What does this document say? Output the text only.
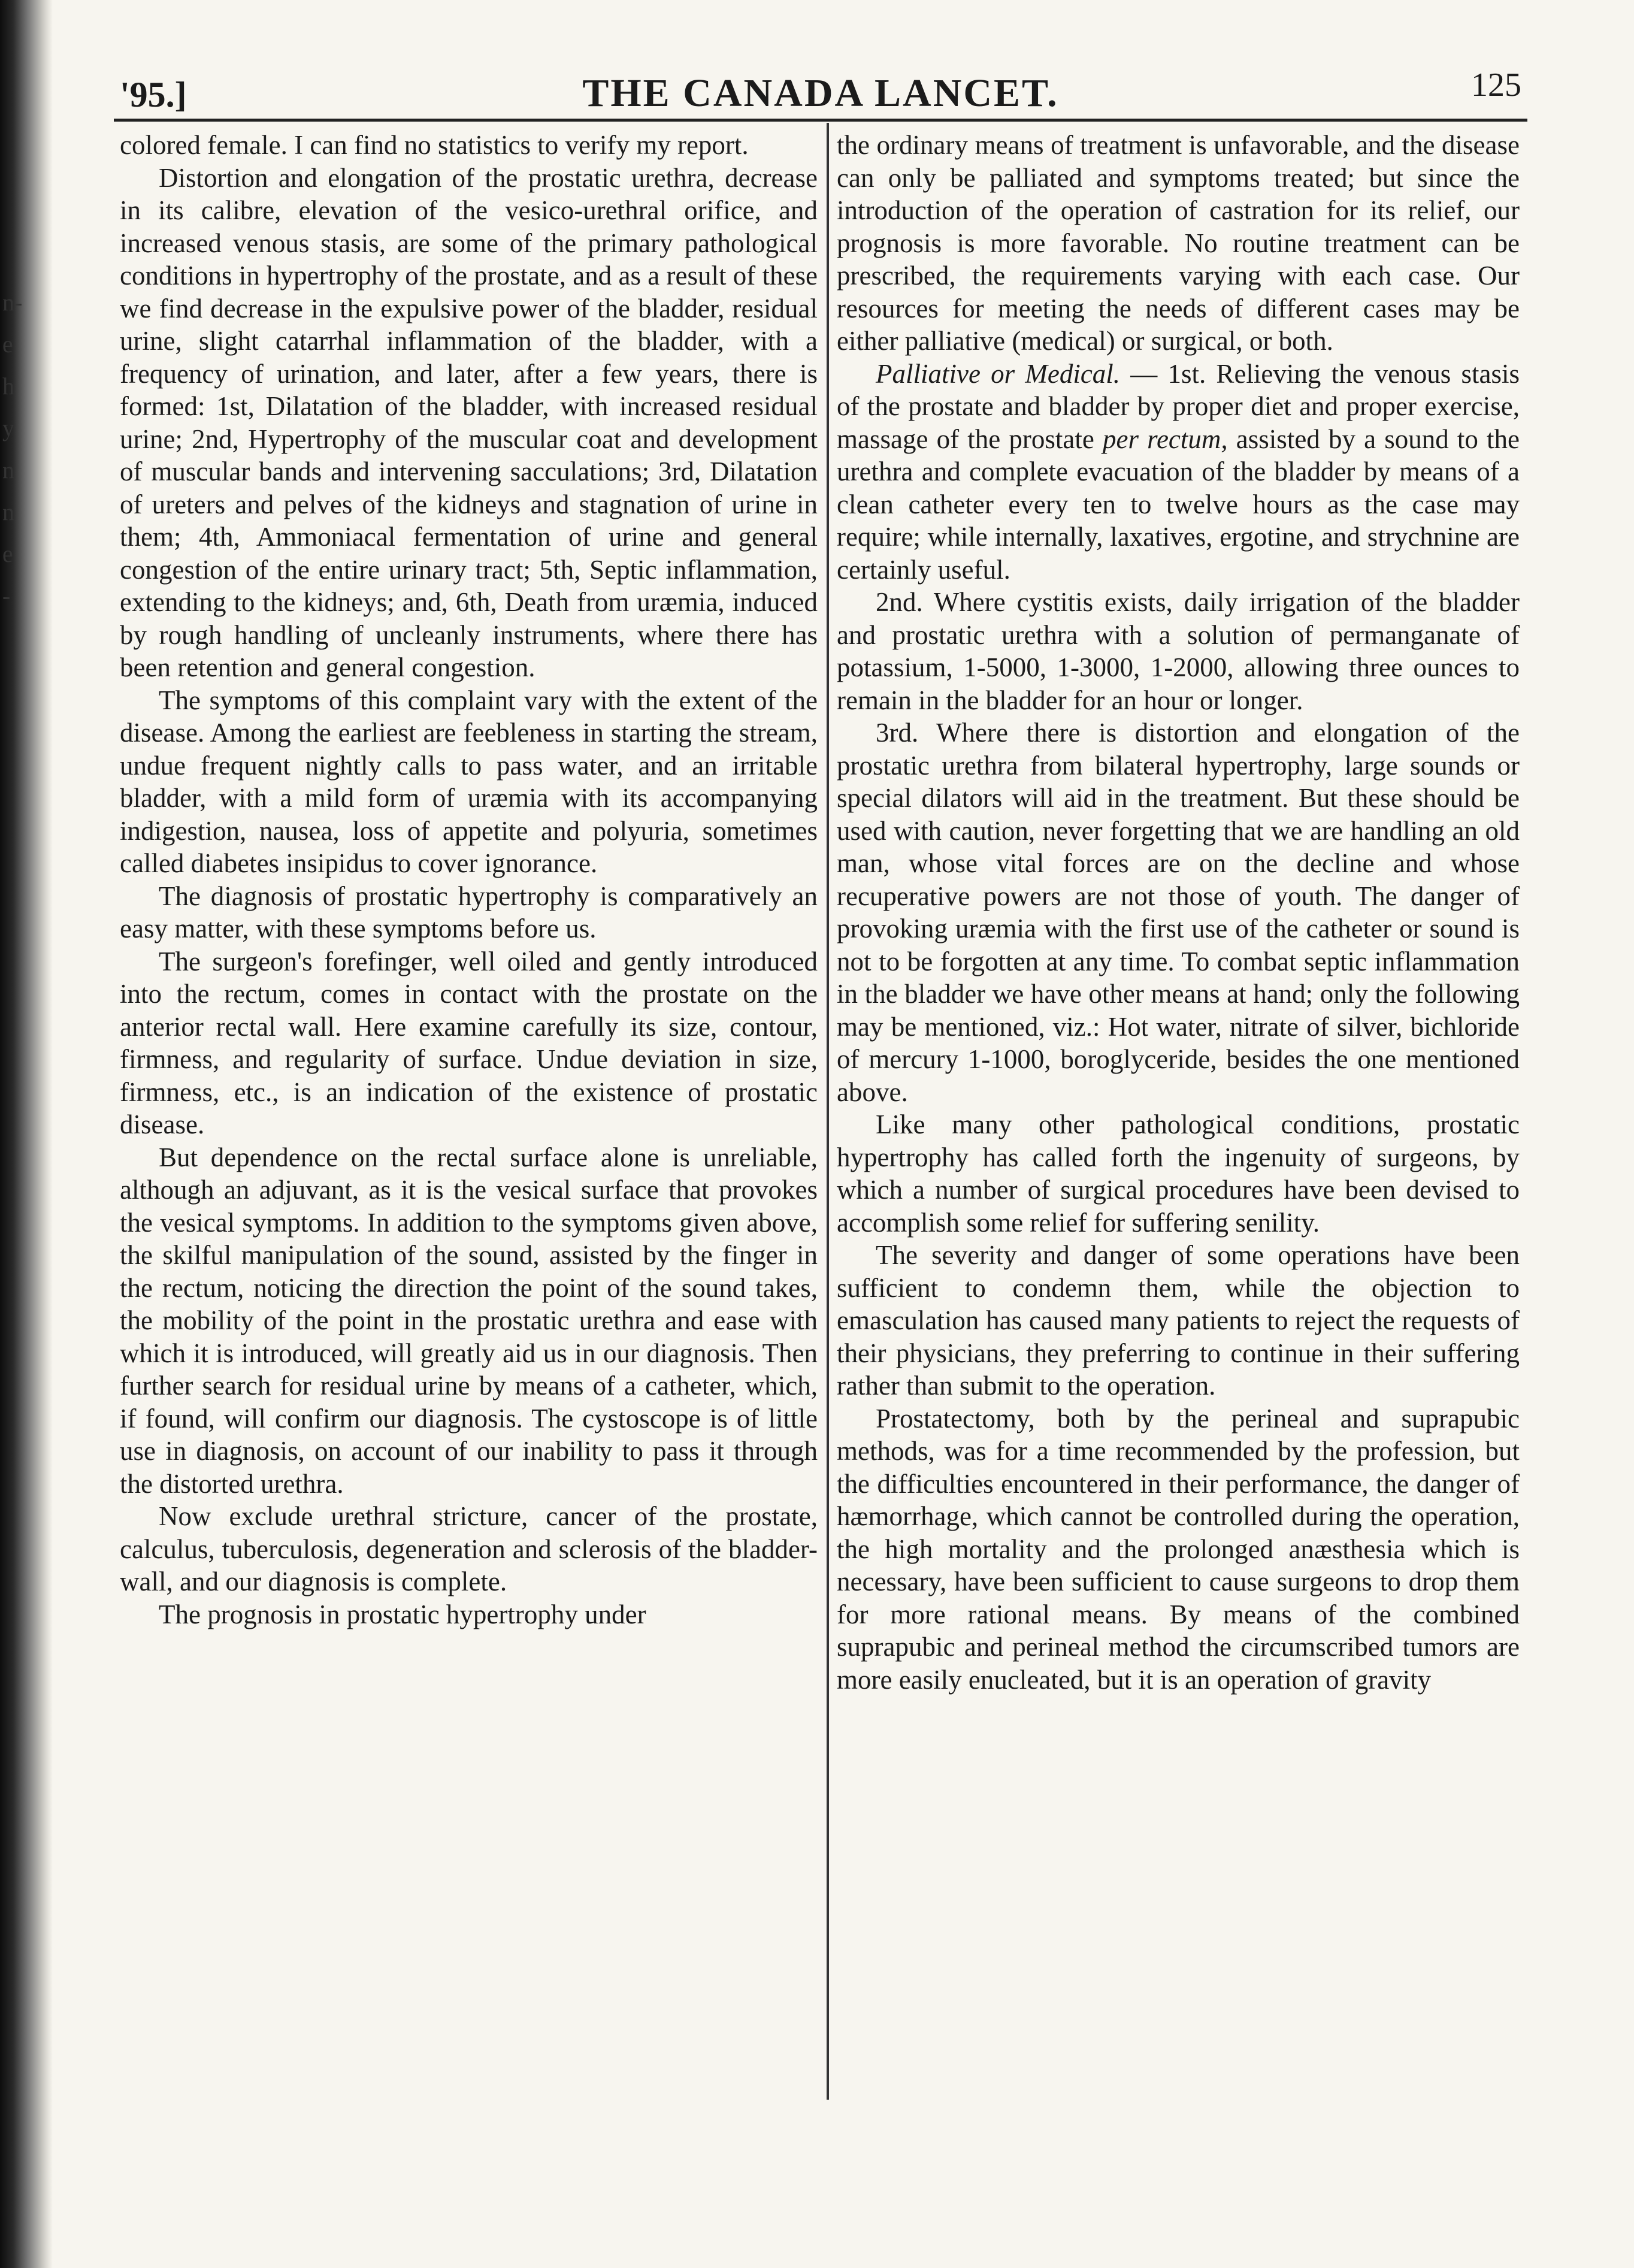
n-
e
h
y
n
n
e
-
'95.]	THE CANADA LANCET.	125

colored female. I can find no statistics to verify my report.

Distortion and elongation of the prostatic urethra, decrease in its calibre, elevation of the vesico-urethral orifice, and increased venous stasis, are some of the primary pathological conditions in hypertrophy of the prostate, and as a result of these we find decrease in the expulsive power of the bladder, residual urine, slight catarrhal inflammation of the bladder, with a frequency of urination, and later, after a few years, there is formed: 1st, Dilatation of the bladder, with increased residual urine; 2nd, Hypertrophy of the muscular coat and development of muscular bands and intervening sacculations; 3rd, Dilatation of ureters and pelves of the kidneys and stagnation of urine in them; 4th, Ammoniacal fermentation of urine and general congestion of the entire urinary tract; 5th, Septic inflammation, extending to the kidneys; and, 6th, Death from uræmia, induced by rough handling of uncleanly instruments, where there has been retention and general congestion.

The symptoms of this complaint vary with the extent of the disease. Among the earliest are feebleness in starting the stream, undue frequent nightly calls to pass water, and an irritable bladder, with a mild form of uræmia with its accompanying indigestion, nausea, loss of appetite and polyuria, sometimes called diabetes insipidus to cover ignorance.

The diagnosis of prostatic hypertrophy is comparatively an easy matter, with these symptoms before us.

The surgeon's forefinger, well oiled and gently introduced into the rectum, comes in contact with the prostate on the anterior rectal wall. Here examine carefully its size, contour, firmness, and regularity of surface. Undue deviation in size, firmness, etc., is an indication of the existence of prostatic disease.

But dependence on the rectal surface alone is unreliable, although an adjuvant, as it is the vesical surface that provokes the vesical symptoms. In addition to the symptoms given above, the skilful manipulation of the sound, assisted by the finger in the rectum, noticing the direction the point of the sound takes, the mobility of the point in the prostatic urethra and ease with which it is introduced, will greatly aid us in our diagnosis. Then further search for residual urine by means of a catheter, which, if found, will confirm our diagnosis. The cystoscope is of little use in diagnosis, on account of our inability to pass it through the distorted urethra.

Now exclude urethral stricture, cancer of the prostate, calculus, tuberculosis, degeneration and sclerosis of the bladder-wall, and our diagnosis is complete.

The prognosis in prostatic hypertrophy under

the ordinary means of treatment is unfavorable, and the disease can only be palliated and symptoms treated; but since the introduction of the operation of castration for its relief, our prognosis is more favorable. No routine treatment can be prescribed, the requirements varying with each case. Our resources for meeting the needs of different cases may be either palliative (medical) or surgical, or both.

Palliative or Medical. — 1st. Relieving the venous stasis of the prostate and bladder by proper diet and proper exercise, massage of the prostate per rectum, assisted by a sound to the urethra and complete evacuation of the bladder by means of a clean catheter every ten to twelve hours as the case may require; while internally, laxatives, ergotine, and strychnine are certainly useful.

2nd. Where cystitis exists, daily irrigation of the bladder and prostatic urethra with a solution of permanganate of potassium, 1-5000, 1-3000, 1-2000, allowing three ounces to remain in the bladder for an hour or longer.

3rd. Where there is distortion and elongation of the prostatic urethra from bilateral hypertrophy, large sounds or special dilators will aid in the treatment. But these should be used with caution, never forgetting that we are handling an old man, whose vital forces are on the decline and whose recuperative powers are not those of youth. The danger of provoking uræmia with the first use of the catheter or sound is not to be forgotten at any time. To combat septic inflammation in the bladder we have other means at hand; only the following may be mentioned, viz.: Hot water, nitrate of silver, bichloride of mercury 1-1000, boroglyceride, besides the one mentioned above.

Like many other pathological conditions, prostatic hypertrophy has called forth the ingenuity of surgeons, by which a number of surgical procedures have been devised to accomplish some relief for suffering senility.

The severity and danger of some operations have been sufficient to condemn them, while the objection to emasculation has caused many patients to reject the requests of their physicians, they preferring to continue in their suffering rather than submit to the operation.

Prostatectomy, both by the perineal and suprapubic methods, was for a time recommended by the profession, but the difficulties encountered in their performance, the danger of hæmorrhage, which cannot be controlled during the operation, the high mortality and the prolonged anæsthesia which is necessary, have been sufficient to cause surgeons to drop them for more rational means. By means of the combined suprapubic and perineal method the circumscribed tumors are more easily enucleated, but it is an operation of gravity
